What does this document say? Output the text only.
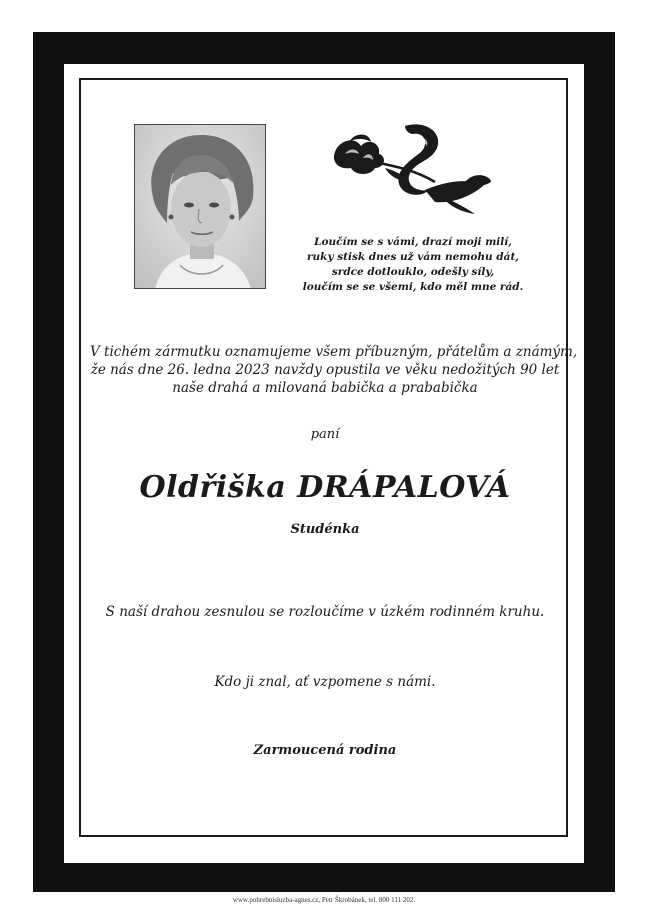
Loučím se s vámi, drazí moji milí,
ruky stisk dnes už vám nemohu dát,
srdce dotlouklo, odešly síly,
loučím se se všemi, kdo měl mne rád.
V tichém zármutku oznamujeme všem příbuzným, přátelům a známým,
že nás dne 26. ledna 2023 navždy opustila ve věku nedožitých 90 let
naše drahá a milovaná babička a prababička
paní
Oldřiška DRÁPALOVÁ
Studénka
S naší drahou zesnulou se rozloučíme v úzkém rodinném kruhu.
Kdo ji znal, ať vzpomene s námi.
Zarmoucená rodina
www.pohrebnisluzba-agnes.cz, Petr Škrobánek, tel. 800 111 202.
